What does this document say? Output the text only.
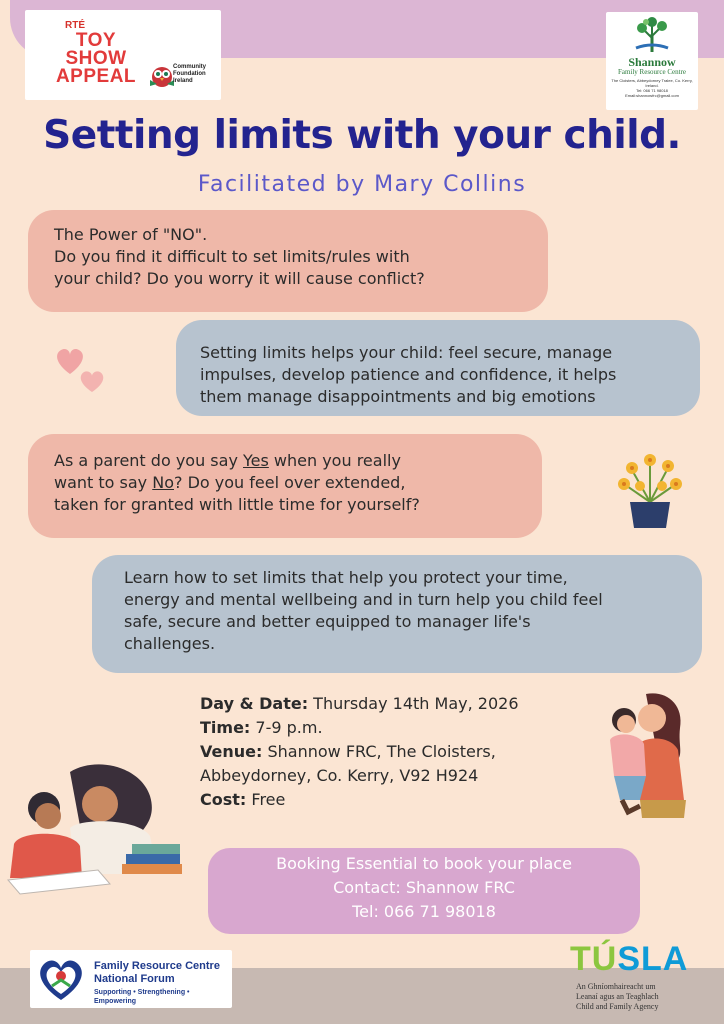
RTÉ
TOY
SHOW
APPEAL	Community Foundation Ireland
Shannow
Family Resource Centre
The Cloisters, Abbeydorney Tralee, Co. Kerry, Ireland.
Tel: 066 71 98018
Email:shannowfrc@gmail.com
Setting limits with your child.
Facilitated by Mary Collins
The Power of "NO".
Do you find it difficult to set limits/rules with
your child? Do you worry it will cause conflict?
Setting limits helps your child: feel secure, manage
impulses, develop patience and confidence, it helps
them manage disappointments and big emotions
As a parent do you say Yes when you really
want to say No? Do you feel over extended,
taken for granted with little time for yourself?
Learn how to set limits that help you protect your time,
energy and mental wellbeing and in turn help you child feel
safe, secure and better equipped to manager life's
challenges.
Day & Date: Thursday 14th May, 2026
Time: 7-9 p.m.
Venue: Shannow FRC, The Cloisters,
Abbeydorney, Co. Kerry, V92 H924
Cost: Free
Booking Essential to book your place
Contact: Shannow FRC
Tel: 066 71 98018
Family Resource Centre
National Forum
Supporting • Strengthening • Empowering
TÚSLA
An Ghníomhaireacht um
Leanaí agus an Teaghlach
Child and Family Agency
